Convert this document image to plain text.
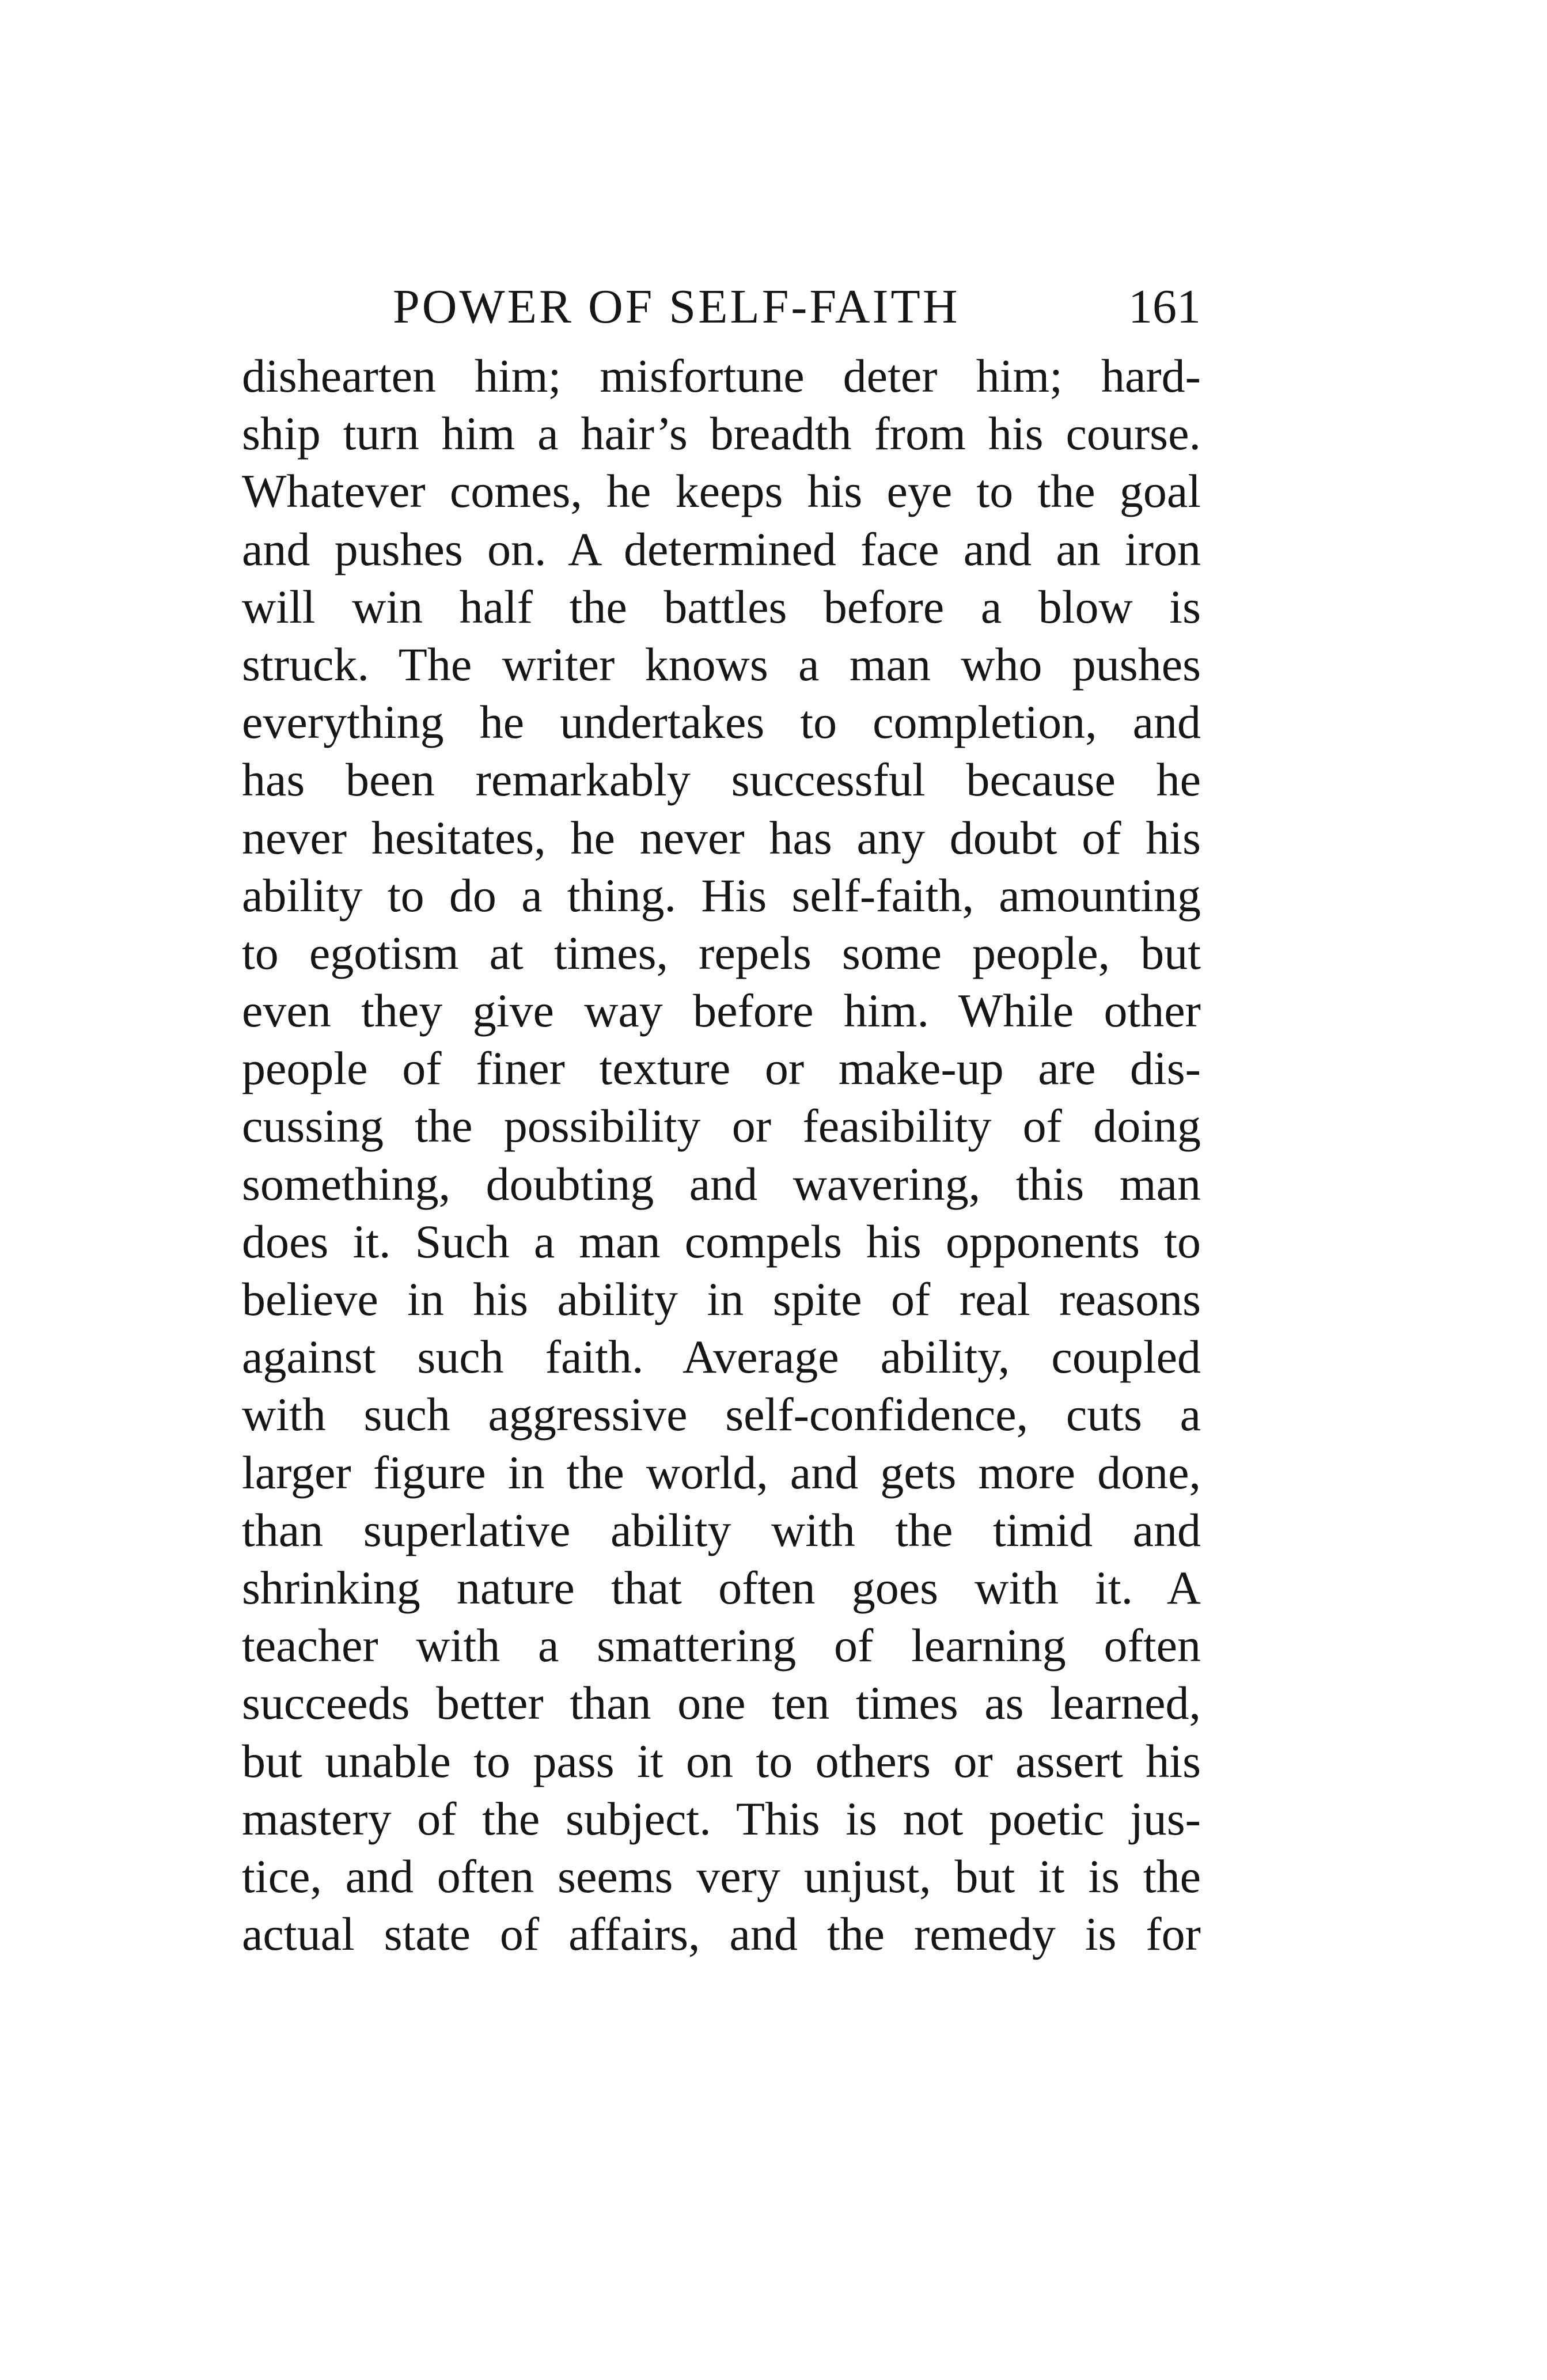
POWER OF SELF-FAITH	161
dishearten him; misfortune deter him; hard-
ship turn him a hair’s breadth from his course.
Whatever comes, he keeps his eye to the goal
and pushes on. A determined face and an iron
will win half the battles before a blow is
struck. The writer knows a man who pushes
everything he undertakes to completion, and
has been remarkably successful because he
never hesitates, he never has any doubt of his
ability to do a thing. His self-faith, amounting
to egotism at times, repels some people, but
even they give way before him. While other
people of finer texture or make-up are dis-
cussing the possibility or feasibility of doing
something, doubting and wavering, this man
does it. Such a man compels his opponents to
believe in his ability in spite of real reasons
against such faith. Average ability, coupled
with such aggressive self-confidence, cuts a
larger figure in the world, and gets more done,
than superlative ability with the timid and
shrinking nature that often goes with it. A
teacher with a smattering of learning often
succeeds better than one ten times as learned,
but unable to pass it on to others or assert his
mastery of the subject. This is not poetic jus-
tice, and often seems very unjust, but it is the
actual state of affairs, and the remedy is for
